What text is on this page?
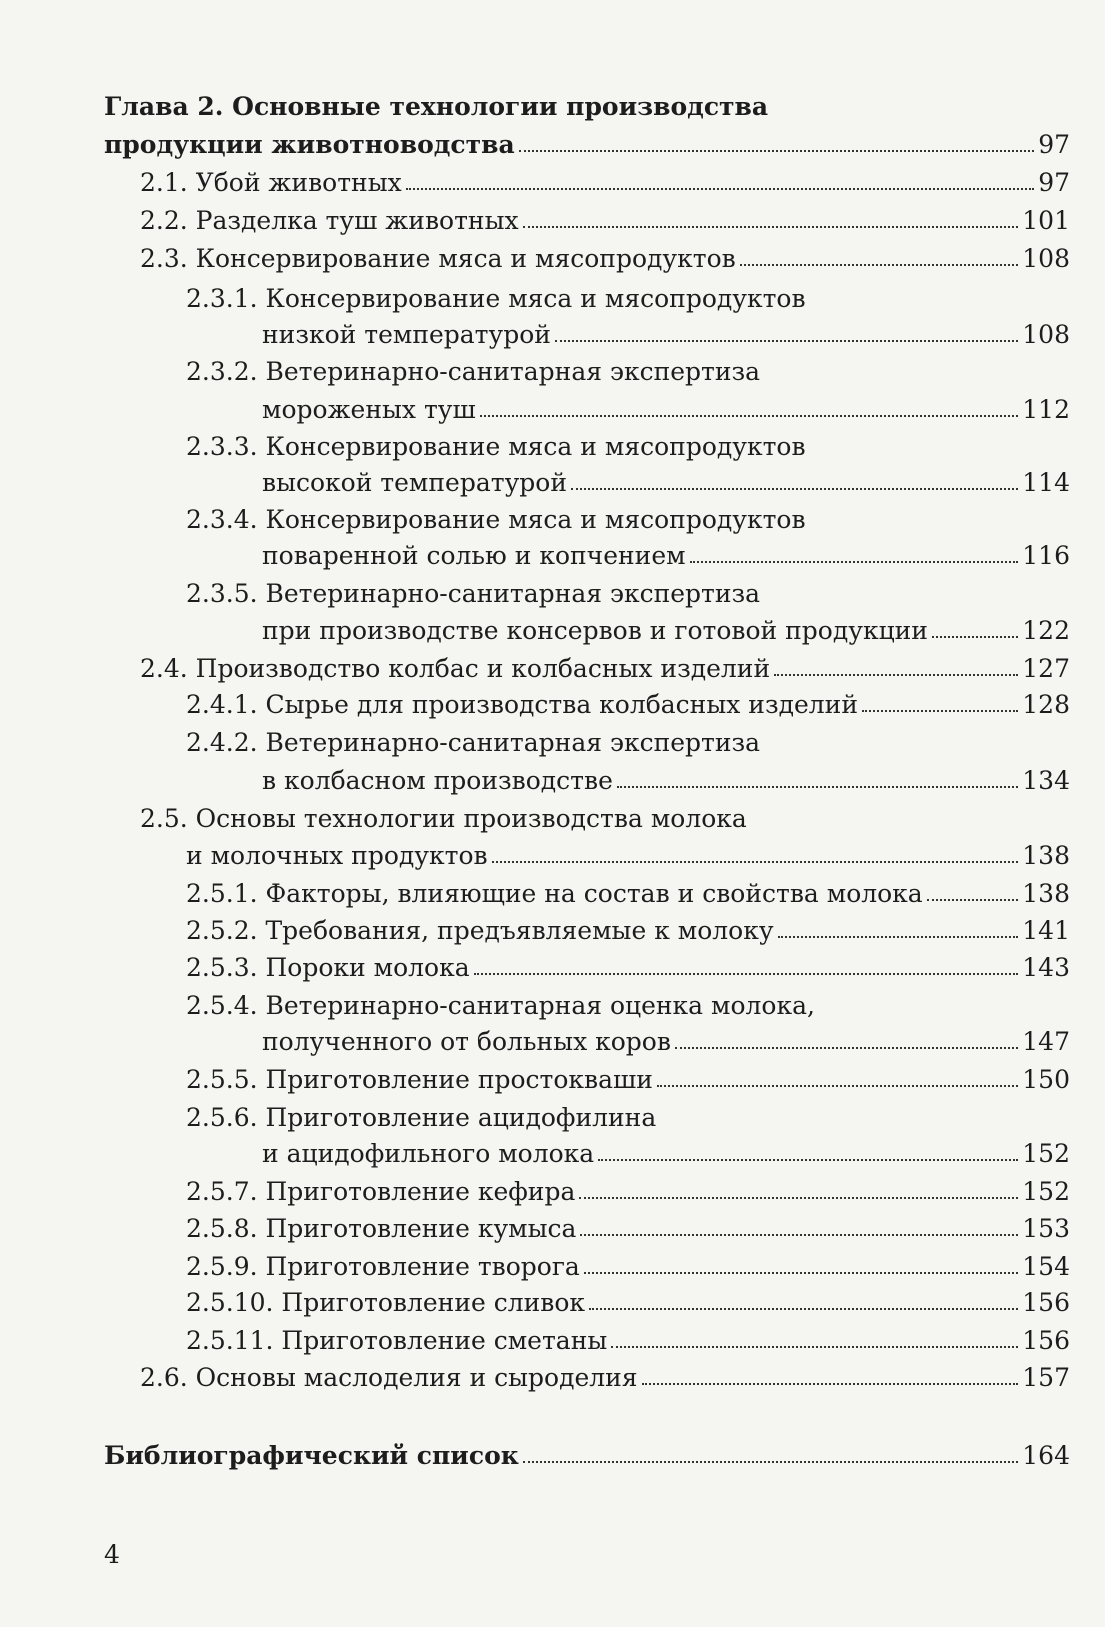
Глава 2. Основные технологии производства
продукции животноводства	97
2.1. Убой животных	97
2.2. Разделка туш животных	101
2.3. Консервирование мяса и мясопродуктов	108
2.3.1. Консервирование мяса и мясопродуктов
низкой температурой	108
2.3.2. Ветеринарно-санитарная экспертиза
мороженых туш	112
2.3.3. Консервирование мяса и мясопродуктов
высокой температурой	114
2.3.4. Консервирование мяса и мясопродуктов
поваренной солью и копчением	116
2.3.5. Ветеринарно-санитарная экспертиза
при производстве консервов и готовой продукции	122
2.4. Производство колбас и колбасных изделий	127
2.4.1. Сырье для производства колбасных изделий	128
2.4.2. Ветеринарно-санитарная экспертиза
в колбасном производстве	134
2.5. Основы технологии производства молока
и молочных продуктов	138
2.5.1. Факторы, влияющие на состав и свойства молока	138
2.5.2. Требования, предъявляемые к молоку	141
2.5.3. Пороки молока	143
2.5.4. Ветеринарно-санитарная оценка молока,
полученного от больных коров	147
2.5.5. Приготовление простокваши	150
2.5.6. Приготовление ацидофилина
и ацидофильного молока	152
2.5.7. Приготовление кефира	152
2.5.8. Приготовление кумыса	153
2.5.9. Приготовление творога	154
2.5.10. Приготовление сливок	156
2.5.11. Приготовление сметаны	156
2.6. Основы маслоделия и сыроделия	157
Библиографический список	164
4
